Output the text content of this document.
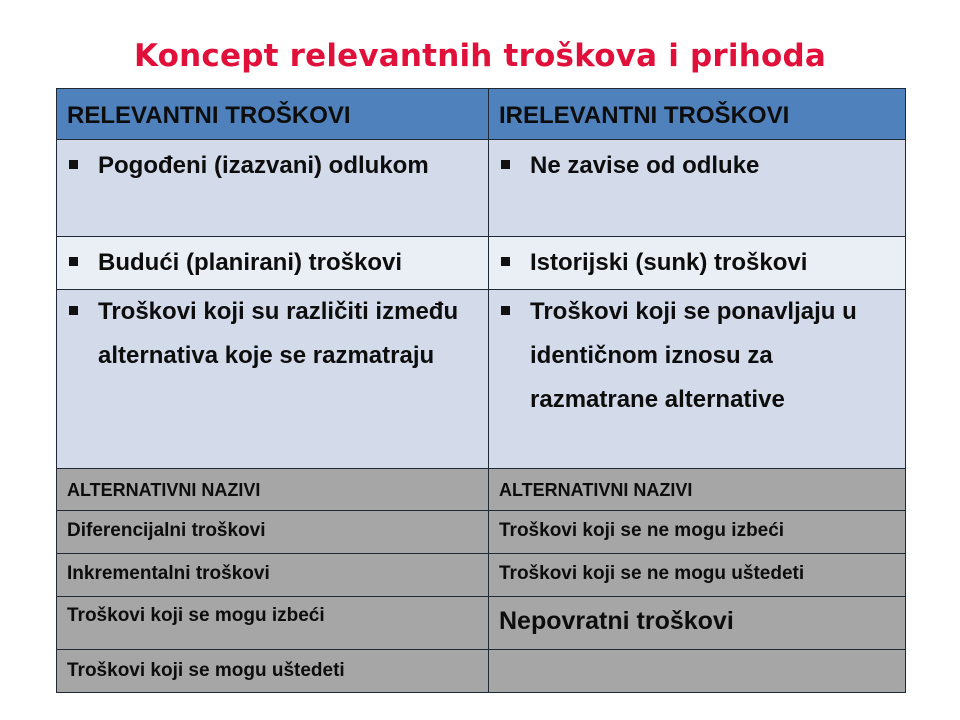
Koncept relevantnih troškova i prihoda
RELEVANTNI TROŠKOVI	IRELEVANTNI TROŠKOVI

Pogođeni (izazvani) odlukom	Ne zavise od odluke

Budući (planirani) troškovi	Istorijski (sunk) troškovi

Troškovi koji su različiti između alternativa koje se razmatraju	Troškovi koji se ponavljaju u identičnom iznosu za razmatrane alternative

ALTERNATIVNI NAZIVI	ALTERNATIVNI NAZIVI

Diferencijalni troškovi	Troškovi koji se ne mogu izbeći

Inkrementalni troškovi	Troškovi koji se ne mogu uštedeti

Troškovi koji se mogu izbeći	Nepovratni troškovi

Troškovi koji se mogu uštedeti	
